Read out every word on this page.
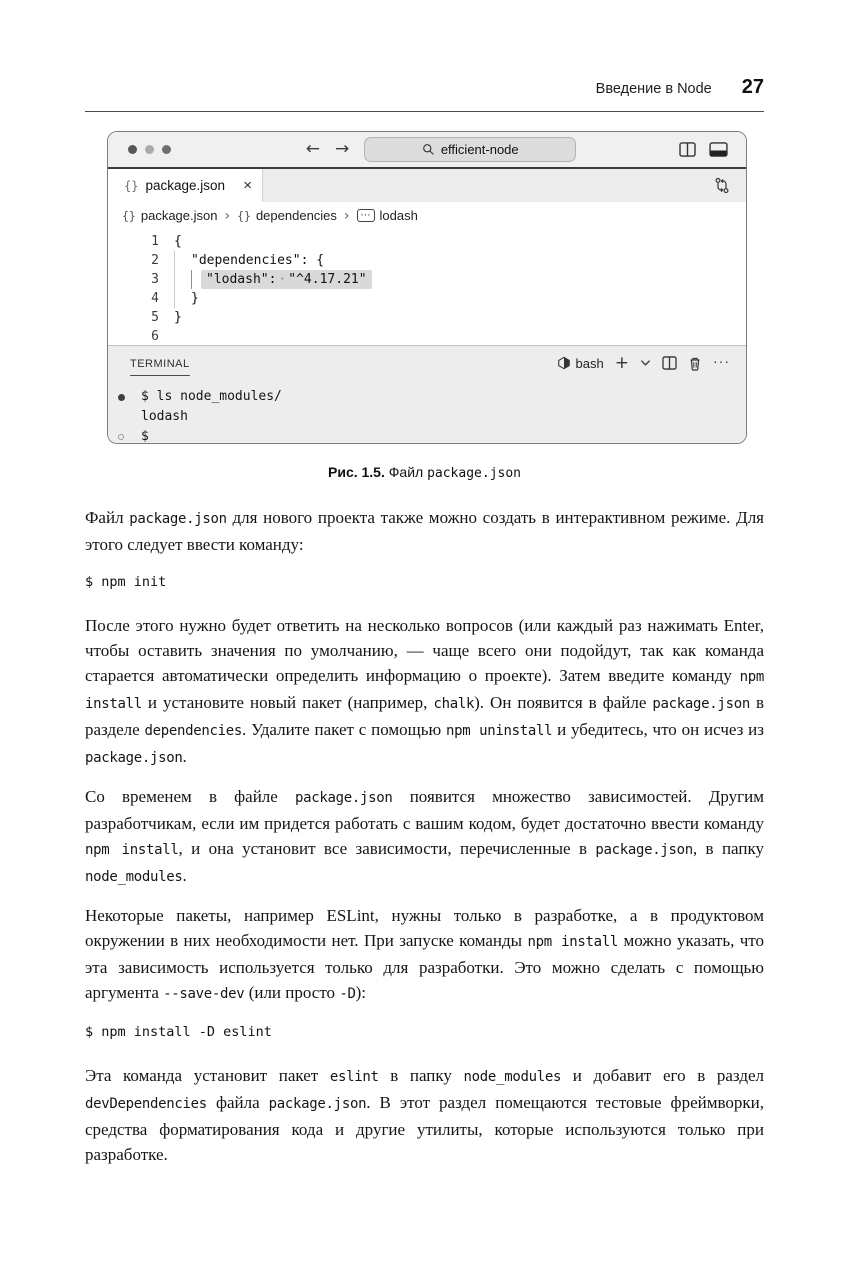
Введение в Node 27
← →	efficient-node
{} package.json ×
{} package.json › {} dependencies ›	⋯ lodash
1 {
2 "dependencies": {
3	"lodash": · "^4.17.21"
4 }
5 }
6
TERMINAL	bash +	···
$ ls node_modules/
lodash
$
Рис. 1.5. Файл package.json

Файл package.json для нового проекта также можно создать в интерактивном режиме. Для этого следует ввести команду:

$ npm init

После этого нужно будет ответить на несколько вопросов (или каждый раз нажимать Enter, чтобы оставить значения по умолчанию, — чаще всего они подойдут, так как команда старается автоматически определить информацию о проекте). Затем введите команду npm install и установите новый пакет (например, chalk). Он появится в файле package.json в разделе dependencies. Удалите пакет с помощью npm uninstall и убедитесь, что он исчез из package.json.

Со временем в файле package.json появится множество зависимостей. Другим разработчикам, если им придется работать с вашим кодом, будет достаточно ввести команду npm install, и она установит все зависимости, перечисленные в package.json, в папку node_modules.

Некоторые пакеты, например ESLint, нужны только в разработке, а в продуктовом окружении в них необходимости нет. При запуске команды npm install можно указать, что эта зависимость используется только для разработки. Это можно сделать с помощью аргумента --save-dev (или просто -D):

$ npm install -D eslint

Эта команда установит пакет eslint в папку node_modules и добавит его в раздел devDependencies файла package.json. В этот раздел помещаются тестовые фреймворки, средства форматирования кода и другие утилиты, которые используются только при разработке.
